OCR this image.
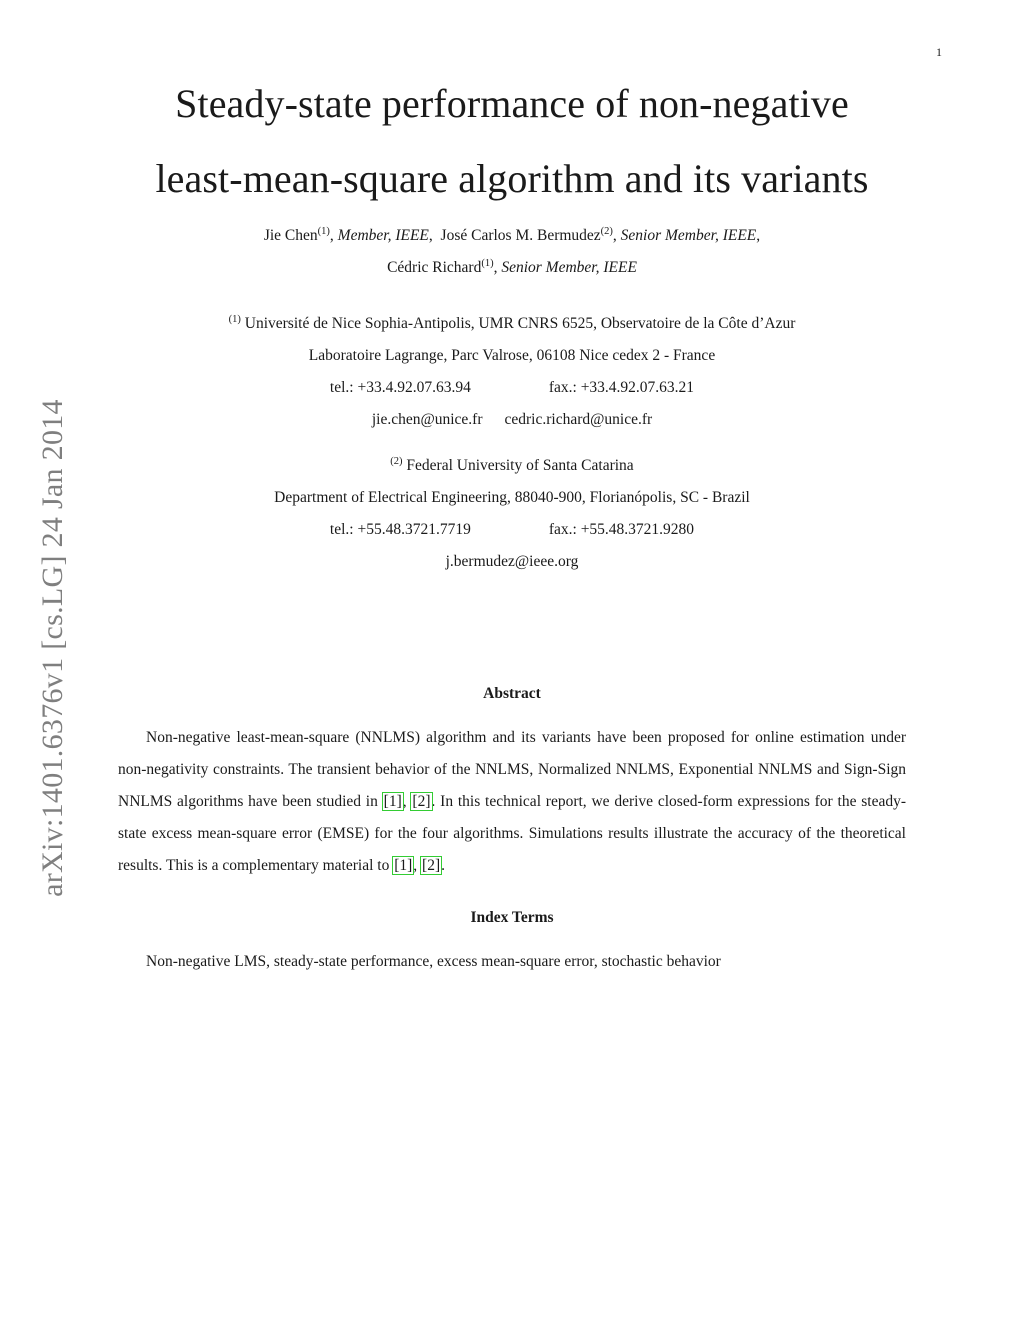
1
Steady-state performance of non-negative
least-mean-square algorithm and its variants
Jie Chen$^{(1)}$, Member, IEEE,  José Carlos M. Bermudez$^{(2)}$, Senior Member, IEEE,
Cédric Richard$^{(1)}$, Senior Member, IEEE
$^{(1)}$ Université de Nice Sophia-Antipolis, UMR CNRS 6525, Observatoire de la Côte d’Azur
Laboratoire Lagrange, Parc Valrose, 06108 Nice cedex 2 - France
tel.: +33.4.92.07.63.94	fax.: +33.4.92.07.63.21
jie.chen@unice.fr cedric.richard@unice.fr
$^{(2)}$ Federal University of Santa Catarina
Department of Electrical Engineering, 88040-900, Florianópolis, SC - Brazil
tel.: +55.48.3721.7719	fax.: +55.48.3721.9280
j.bermudez@ieee.org
arXiv:1401.6376v1 [cs.LG] 24 Jan 2014	Abstract
Non-negative least-mean-square (NNLMS) algorithm and its variants have been proposed for online estimation under non-negativity constraints. The transient behavior of the NNLMS, Normalized NNLMS, Exponential NNLMS and Sign-Sign NNLMS algorithms have been studied in [1], [2]. In this technical report, we derive closed-form expressions for the steady-state excess mean-square error (EMSE) for the four algorithms. Simulations results illustrate the accuracy of the theoretical results. This is a complementary material to [1], [2].
Index Terms
Non-negative LMS, steady-state performance, excess mean-square error, stochastic behavior
